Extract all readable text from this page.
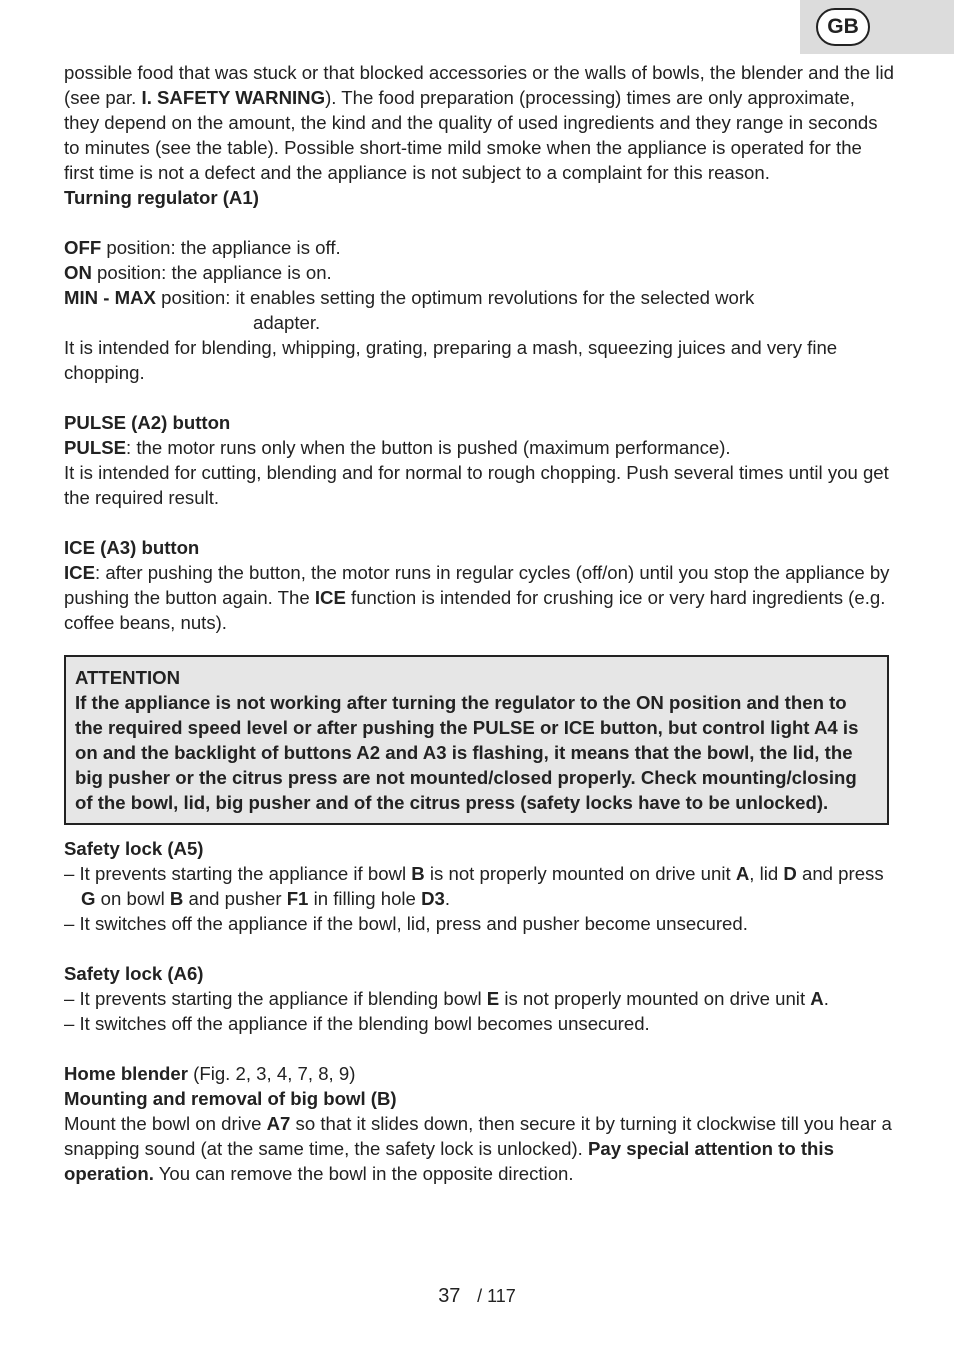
GB

possible food that was stuck or that blocked accessories or the walls of bowls, the blender and the lid (see par. I. SAFETY WARNING). The food preparation (processing) times are only approximate, they depend on the amount, the kind and the quality of used ingredients and they range in seconds to minutes (see the table). Possible short-time mild smoke when the appliance is operated for the first time is not a defect and the appliance is not subject to a complaint for this reason.

Turning regulator (A1)

OFF position: the appliance is off.

ON position: the appliance is on.

MIN - MAX position: it enables setting the optimum revolutions for the selected work

adapter.

It is intended for blending, whipping, grating, preparing a mash, squeezing juices and very fine chopping.

PULSE (A2) button

PULSE: the motor runs only when the button is pushed (maximum performance).

It is intended for cutting, blending and for normal to rough chopping. Push several times until you get the required result.

ICE (A3) button

ICE: after pushing the button, the motor runs in regular cycles (off/on) until you stop the appliance by pushing the button again. The ICE function is intended for crushing ice or very hard ingredients (e.g. coffee beans, nuts).

ATTENTION

If the appliance is not working after turning the regulator to the ON position and then to the required speed level or after pushing the PULSE or ICE button, but control light A4 is on and the backlight of buttons A2 and A3 is flashing, it means that the bowl, the lid, the big pusher or the citrus press are not mounted/closed properly. Check mounting/closing of the bowl, lid, big pusher and of the citrus press (safety locks have to be unlocked).

Safety lock (A5)

– It prevents starting the appliance if bowl B is not properly mounted on drive unit A, lid D and press G on bowl B and pusher F1 in filling hole D3.

– It switches off the appliance if the bowl, lid, press and pusher become unsecured.

Safety lock (A6)

– It prevents starting the appliance if blending bowl E is not properly mounted on drive unit A.

– It switches off the appliance if the blending bowl becomes unsecured.

Home blender (Fig. 2, 3, 4, 7, 8, 9)

Mounting and removal of big bowl (B)

Mount the bowl on drive A7 so that it slides down, then secure it by turning it clockwise till you hear a snapping sound (at the same time, the safety lock is unlocked). Pay special attention to this operation. You can remove the bowl in the opposite direction.

37 / 117
